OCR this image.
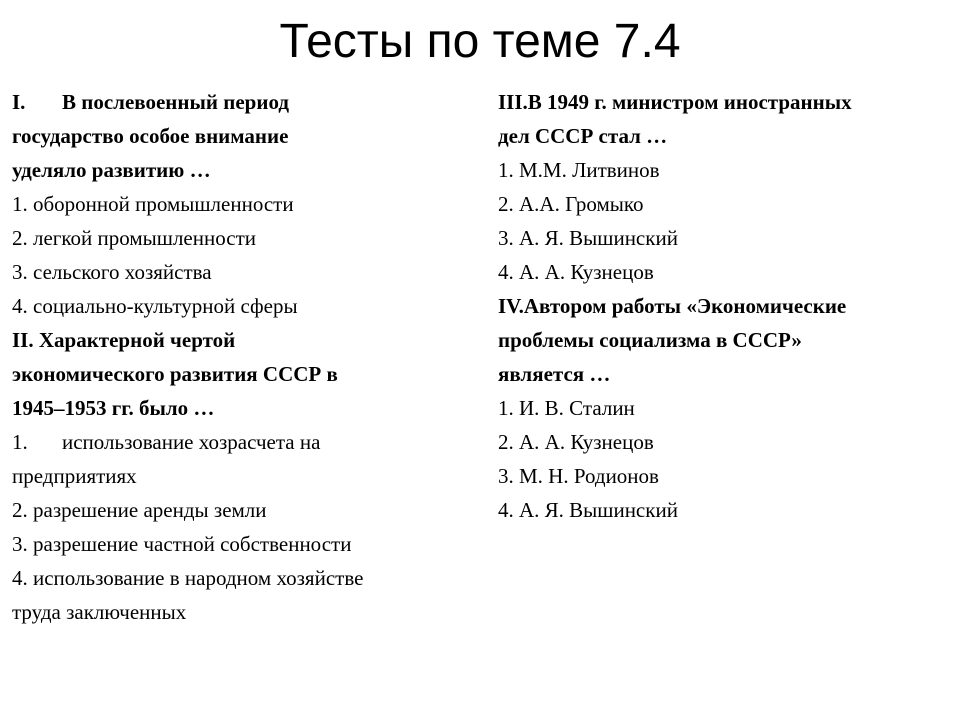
Тесты по теме 7.4
I. В послевоенный период
государство особое внимание
уделяло развитию …
1. оборонной промышленности
2. легкой промышленности
3. сельского хозяйства
4. социально-культурной сферы
II. Характерной чертой
экономического развития СССР в
1945–1953 гг. было …
1. использование хозрасчета на
предприятиях
2. разрешение аренды земли
3. разрешение частной собственности
4. использование в народном хозяйстве
труда заключенных
III.В 1949 г. министром иностранных
дел СССР стал …
1. М.М. Литвинов
2. А.А. Громыко
3. А. Я. Вышинский
4. А. А. Кузнецов
IV.Автором работы «Экономические
проблемы социализма в СССР»
является …
1. И. В. Сталин
2. А. А. Кузнецов
3. М. Н. Родионов
4. А. Я. Вышинский
